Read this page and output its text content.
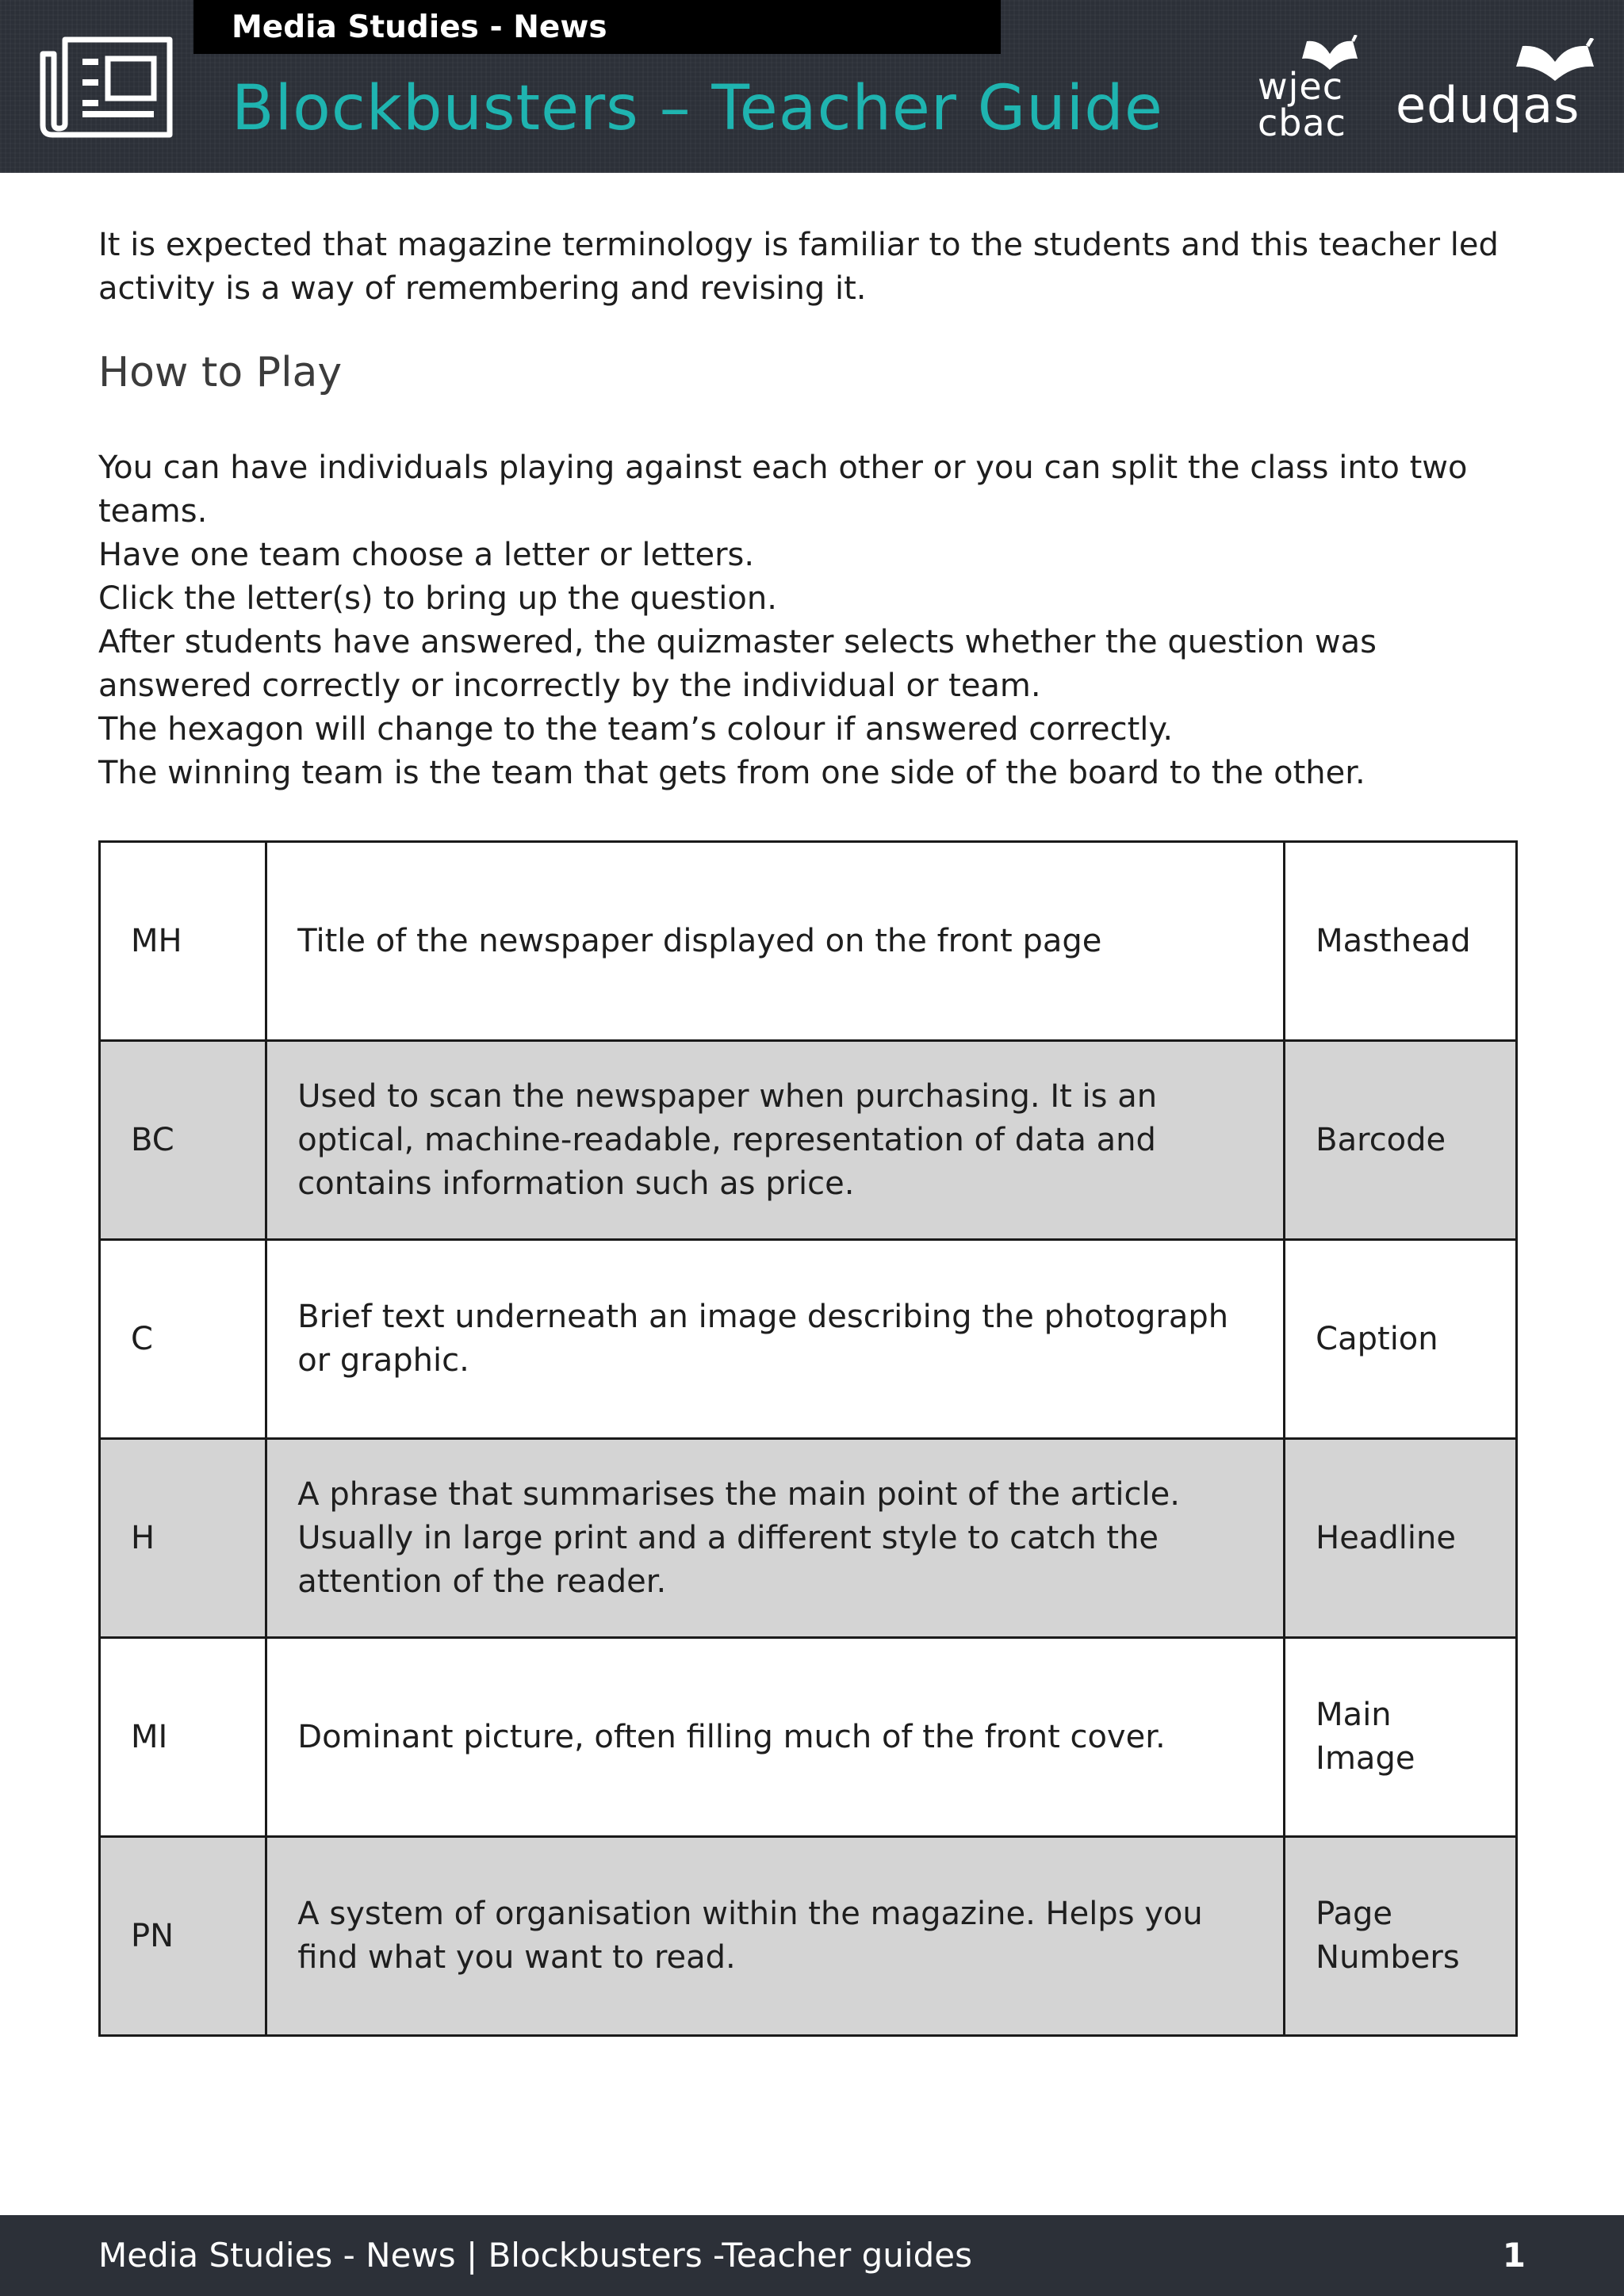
Media Studies - News
Blockbusters – Teacher Guide	wjec
cbac eduqas

It is expected that magazine terminology is familiar to the students and this teacher led activity is a way of remembering and revising it.

How to Play

You can have individuals playing against each other or you can split the class into two teams.

Have one team choose a letter or letters.

Click the letter(s) to bring up the question.

After students have answered, the quizmaster selects whether the question was answered correctly or incorrectly by the individual or team.

The hexagon will change to the team’s colour if answered correctly.

The winning team is the team that gets from one side of the board to the other.

MH	Title of the newspaper displayed on the front page	Masthead
BC	Used to scan the newspaper when purchasing. It is an optical, machine-readable, representation of data and contains information such as price.	Barcode
C	Brief text underneath an image describing the photograph or graphic.	Caption
H	A phrase that summarises the main point of the article. Usually in large print and a different style to catch the attention of the reader.	Headline
MI	Dominant picture, often filling much of the front cover.	Main Image
PN	A system of organisation within the magazine. Helps you find what you want to read.	Page Numbers
Media Studies - News | Blockbusters -Teacher guides	1
